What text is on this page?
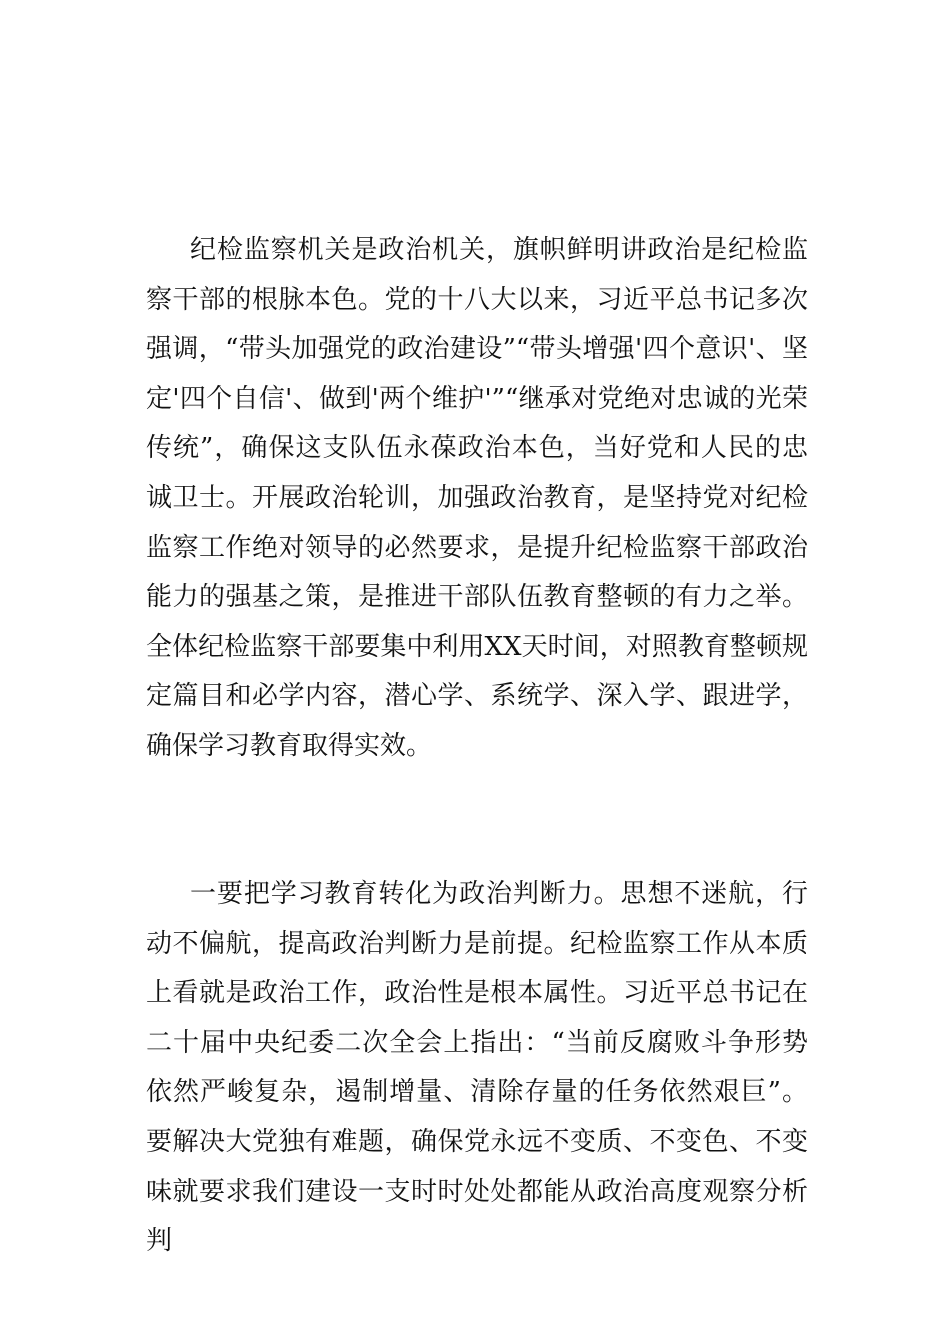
纪检监察机关是政治机关，旗帜鲜明讲政治是纪检监察干部的根脉本色。党的十八大以来，习近平总书记多次强调，“带头加强党的政治建设”“带头增强'四个意识'、坚定'四个自信'、做到'两个维护'”“继承对党绝对忠诚的光荣传统”，确保这支队伍永葆政治本色，当好党和人民的忠诚卫士。开展政治轮训，加强政治教育，是坚持党对纪检监察工作绝对领导的必然要求，是提升纪检监察干部政治能力的强基之策，是推进干部队伍教育整顿的有力之举。全体纪检监察干部要集中利用XX天时间，对照教育整顿规定篇目和必学内容，潜心学、系统学、深入学、跟进学，确保学习教育取得实效。

一要把学习教育转化为政治判断力。思想不迷航，行动不偏航，提高政治判断力是前提。纪检监察工作从本质上看就是政治工作，政治性是根本属性。习近平总书记在二十届中央纪委二次全会上指出：“当前反腐败斗争形势依然严峻复杂，遏制增量、清除存量的任务依然艰巨”。要解决大党独有难题，确保党永远不变质、不变色、不变味就要求我们建设一支时时处处都能从政治高度观察分析判
